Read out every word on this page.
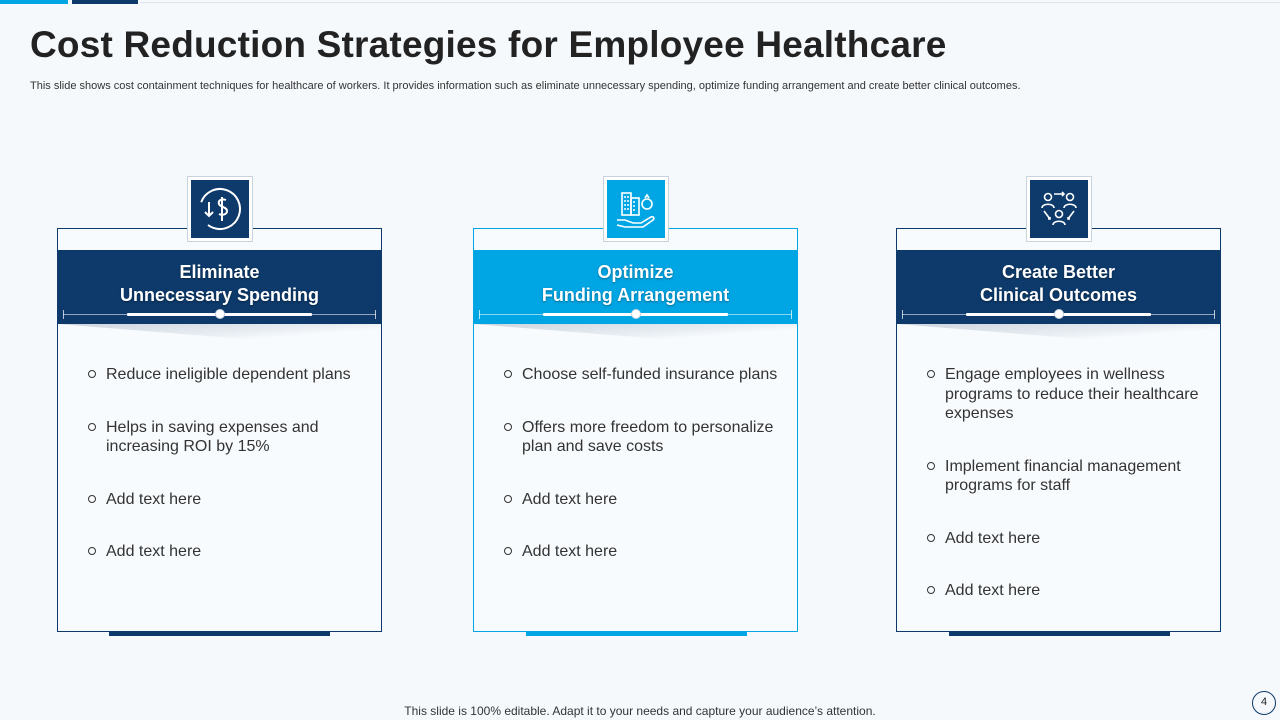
Cost Reduction Strategies for Employee Healthcare
This slide shows cost containment techniques for healthcare of workers. It provides information such as eliminate unnecessary spending, optimize funding arrangement and create better clinical outcomes.
Eliminate
Unnecessary Spending
Reduce ineligible dependent plans
Helps in saving expenses and increasing ROI by 15%
Add text here
Add text here
Optimize
Funding Arrangement
Choose self-funded insurance plans
Offers more freedom to personalize plan and save costs
Add text here
Add text here
Create Better
Clinical Outcomes
Engage employees in wellness programs to reduce their healthcare expenses
Implement financial management programs for staff
Add text here
Add text here
This slide is 100% editable. Adapt it to your needs and capture your audience’s attention.
4
